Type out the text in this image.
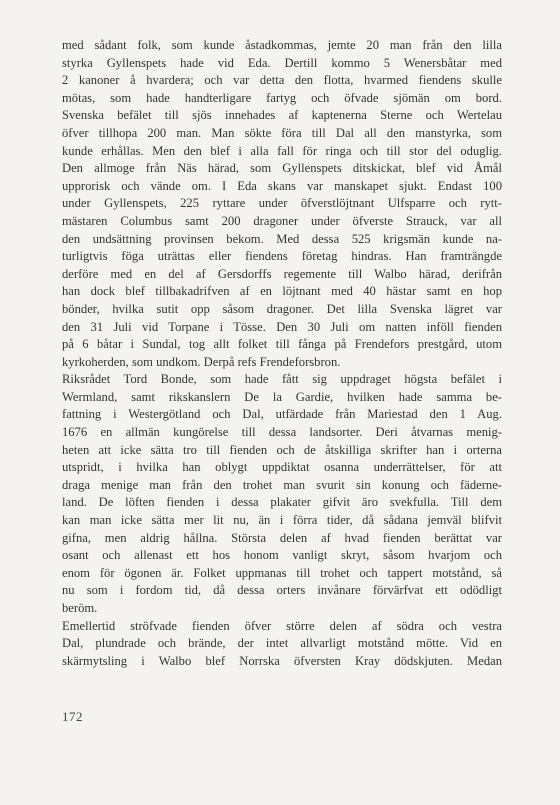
med sådant folk, som kunde åstadkommas, jemte 20 man från den lilla
styrka Gyllenspets hade vid Eda. Dertill kommo 5 Wenersbåtar med
2 kanoner å hvardera; och var detta den flotta, hvarmed fiendens skulle
mötas, som hade handterligare fartyg och öfvade sjömän om bord.
Svenska befälet till sjös innehades af kaptenerna Sterne och Wertelau
öfver tillhopa 200 man. Man sökte föra till Dal all den manstyrka, som
kunde erhållas. Men den blef i alla fall för ringa och till stor del oduglig.
Den allmoge från Näs härad, som Gyllenspets ditskickat, blef vid Åmål
upprorisk och vände om. I Eda skans var manskapet sjukt. Endast 100
under Gyllenspets, 225 ryttare under öfverstlöjtnant Ulfsparre och rytt-
mästaren Columbus samt 200 dragoner under öfverste Strauck, var all
den undsättning provinsen bekom. Med dessa 525 krigsmän kunde na-
turligtvis föga uträttas eller fiendens företag hindras. Han framträngde
derföre med en del af Gersdorffs regemente till Walbo härad, derifrån
han dock blef tillbakadrifven af en löjtnant med 40 hästar samt en hop
bönder, hvilka sutit opp såsom dragoner. Det lilla Svenska lägret var
den 31 Juli vid Torpane i Tösse. Den 30 Juli om natten inföll fienden
på 6 båtar i Sundal, tog allt folket till fånga på Frendefors prestgård, utom
kyrkoherden, som undkom. Derpå refs Frendeforsbron.
Riksrådet Tord Bonde, som hade fått sig uppdraget högsta befälet i
Wermland, samt rikskanslern De la Gardie, hvilken hade samma be-
fattning i Westergötland och Dal, utfärdade från Mariestad den 1 Aug.
1676 en allmän kungörelse till dessa landsorter. Deri åtvarnas menig-
heten att icke sätta tro till fienden och de åtskilliga skrifter han i orterna
utspridt, i hvilka han oblygt uppdiktat osanna underrättelser, för att
draga menige man från den trohet man svurit sin konung och fäderne-
land. De löften fienden i dessa plakater gifvit äro svekfulla. Till dem
kan man icke sätta mer lit nu, än i förra tider, då sådana jemväl blifvit
gifna, men aldrig hållna. Största delen af hvad fienden berättat var
osant och allenast ett hos honom vanligt skryt, såsom hvarjom och
enom för ögonen är. Folket uppmanas till trohet och tappert motstånd, så
nu som i fordom tid, då dessa orters invånare förvärfvat ett odödligt
beröm.
Emellertid ströfvade fienden öfver större delen af södra och vestra
Dal, plundrade och brände, der intet allvarligt motstånd mötte. Vid en
skärmytsling i Walbo blef Norrska öfversten Kray dödskjuten. Medan
172
